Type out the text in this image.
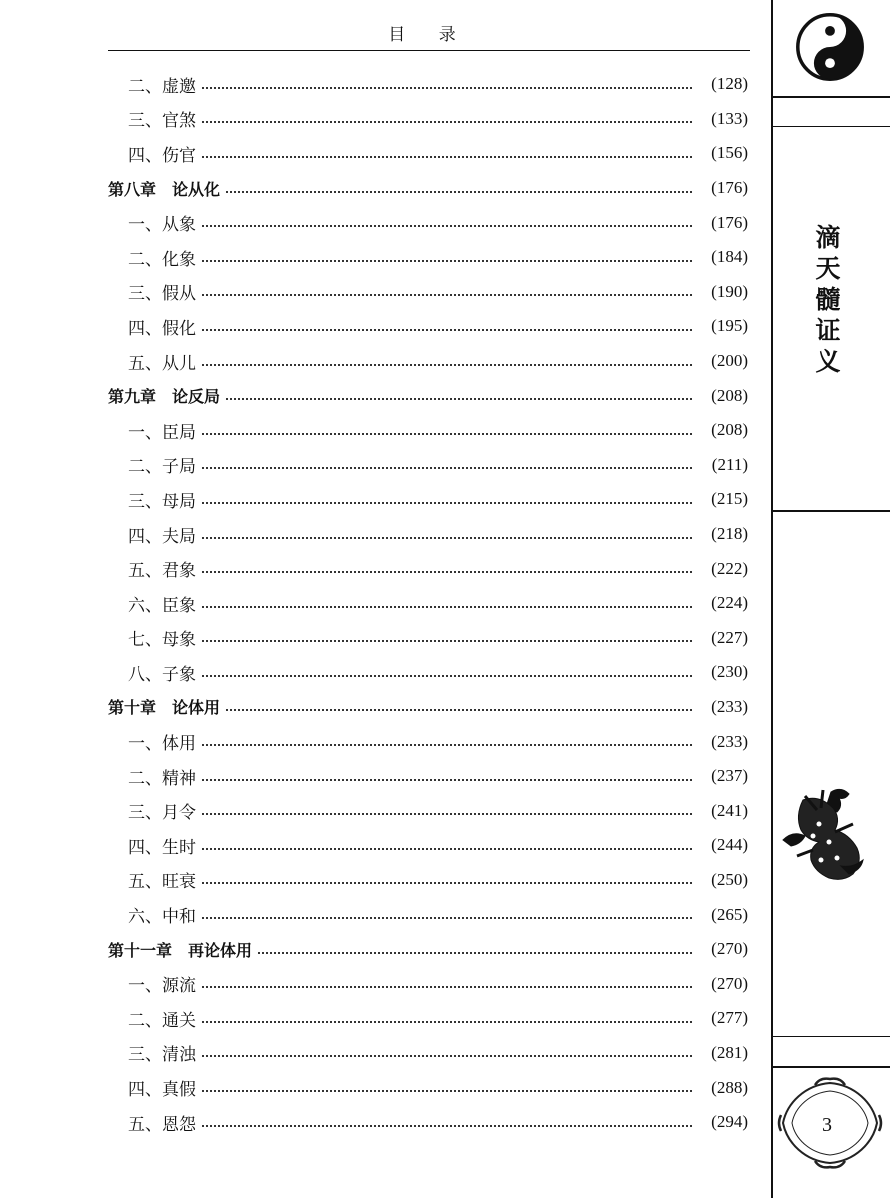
目 录
二、虚邀	(128)
三、官煞	(133)
四、伤官	(156)
第八章　论从化	(176)
一、从象	(176)
二、化象	(184)
三、假从	(190)
四、假化	(195)
五、从儿	(200)
第九章　论反局	(208)
一、臣局	(208)
二、子局	(211)
三、母局	(215)
四、夫局	(218)
五、君象	(222)
六、臣象	(224)
七、母象	(227)
八、子象	(230)
第十章　论体用	(233)
一、体用	(233)
二、精神	(237)
三、月令	(241)
四、生时	(244)
五、旺衰	(250)
六、中和	(265)
第十一章　再论体用	(270)
一、源流	(270)
二、通关	(277)
三、清浊	(281)
四、真假	(288)
五、恩怨	(294)
滴
天
髓
证
义
3
